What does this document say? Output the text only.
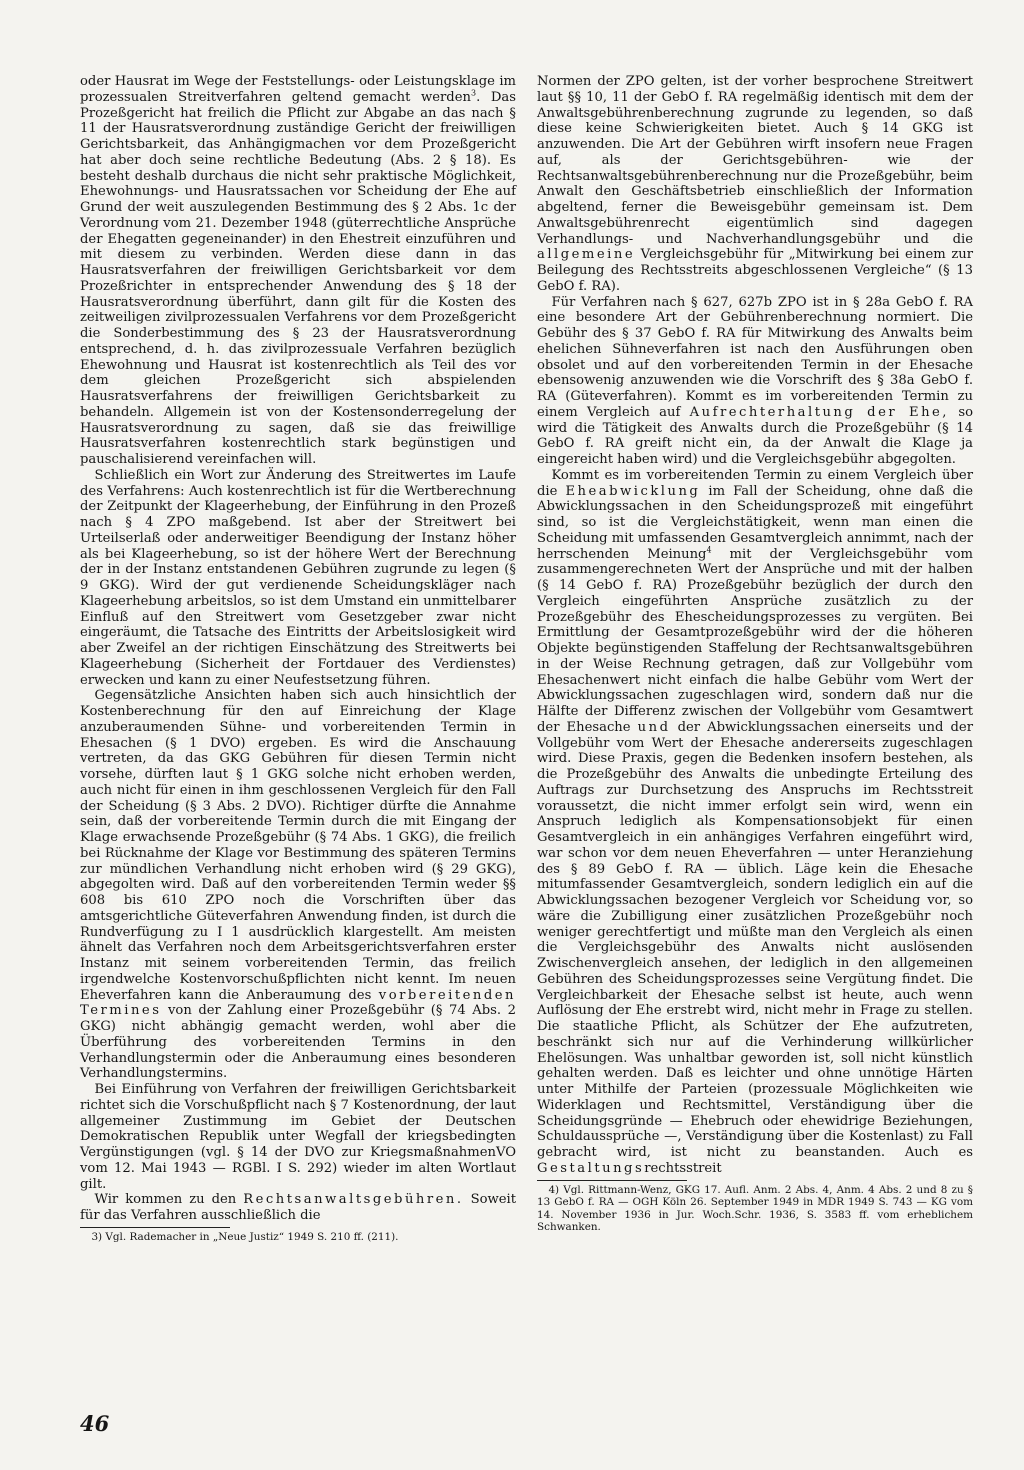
oder Hausrat im Wege der Feststellungs- oder Leistungsklage im prozessualen Streitverfahren geltend gemacht werden$^3$. Das Prozeßgericht hat freilich die Pflicht zur Abgabe an das nach § 11 der Hausratsverordnung zuständige Gericht der freiwilligen Gerichtsbarkeit, das Anhängigmachen vor dem Prozeßgericht hat aber doch seine rechtliche Bedeutung (Abs. 2 § 18). Es besteht deshalb durchaus die nicht sehr praktische Möglichkeit, Ehewohnungs- und Hausratssachen vor Scheidung der Ehe auf Grund der weit auszulegenden Bestimmung des § 2 Abs. 1c der Verordnung vom 21. Dezember 1948 (güterrechtliche Ansprüche der Ehegatten gegeneinander) in den Ehestreit einzuführen und mit diesem zu verbinden. Werden diese dann in das Hausratsverfahren der freiwilligen Gerichtsbarkeit vor dem Prozeßrichter in entsprechender Anwendung des § 18 der Hausratsverordnung überführt, dann gilt für die Kosten des zeitweiligen zivilprozessualen Verfahrens vor dem Prozeßgericht die Sonderbestimmung des § 23 der Hausratsverordnung entsprechend, d. h. das zivilprozessuale Verfahren bezüglich Ehewohnung und Hausrat ist kostenrechtlich als Teil des vor dem gleichen Prozeßgericht sich abspielenden Hausratsverfahrens der freiwilligen Gerichtsbarkeit zu behandeln. Allgemein ist von der Kostensonderregelung der Hausratsverordnung zu sagen, daß sie das freiwillige Hausratsverfahren kostenrechtlich stark begünstigen und pauschalisierend vereinfachen will.

Schließlich ein Wort zur Änderung des Streitwertes im Laufe des Verfahrens: Auch kostenrechtlich ist für die Wertberechnung der Zeitpunkt der Klageerhebung, der Einführung in den Prozeß nach § 4 ZPO maßgebend. Ist aber der Streitwert bei Urteilserlaß oder anderweitiger Beendigung der Instanz höher als bei Klageerhebung, so ist der höhere Wert der Berechnung der in der Instanz entstandenen Gebühren zugrunde zu legen (§ 9 GKG). Wird der gut verdienende Scheidungskläger nach Klageerhebung arbeitslos, so ist dem Umstand ein unmittelbarer Einfluß auf den Streitwert vom Gesetzgeber zwar nicht eingeräumt, die Tatsache des Eintritts der Arbeitslosigkeit wird aber Zweifel an der richtigen Einschätzung des Streitwerts bei Klageerhebung (Sicherheit der Fortdauer des Verdienstes) erwecken und kann zu einer Neufestsetzung führen.

Gegensätzliche Ansichten haben sich auch hinsichtlich der Kostenberechnung für den auf Einreichung der Klage anzuberaumenden Sühne- und vorbereitenden Termin in Ehesachen (§ 1 DVO) ergeben. Es wird die Anschauung vertreten, da das GKG Gebühren für diesen Termin nicht vorsehe, dürften laut § 1 GKG solche nicht erhoben werden, auch nicht für einen in ihm geschlossenen Vergleich für den Fall der Scheidung (§ 3 Abs. 2 DVO). Richtiger dürfte die Annahme sein, daß der vorbereitende Termin durch die mit Eingang der Klage erwachsende Prozeßgebühr (§ 74 Abs. 1 GKG), die freilich bei Rücknahme der Klage vor Bestimmung des späteren Termins zur mündlichen Verhandlung nicht erhoben wird (§ 29 GKG), abgegolten wird. Daß auf den vorbereitenden Termin weder §§ 608 bis 610 ZPO noch die Vorschriften über das amtsgerichtliche Güteverfahren Anwendung finden, ist durch die Rundverfügung zu I 1 ausdrücklich klargestellt. Am meisten ähnelt das Verfahren noch dem Arbeitsgerichtsverfahren erster Instanz mit seinem vorbereitenden Termin, das freilich irgendwelche Kostenvorschußpflichten nicht kennt. Im neuen Eheverfahren kann die Anberaumung des vorbereitenden Termines von der Zahlung einer Prozeßgebühr (§ 74 Abs. 2 GKG) nicht abhängig gemacht werden, wohl aber die Überführung des vorbereitenden Termins in den Verhandlungstermin oder die Anberaumung eines besonderen Verhandlungstermins.

Bei Einführung von Verfahren der freiwilligen Gerichtsbarkeit richtet sich die Vorschußpflicht nach § 7 Kostenordnung, der laut allgemeiner Zustimmung im Gebiet der Deutschen Demokratischen Republik unter Wegfall der kriegsbedingten Vergünstigungen (vgl. § 14 der DVO zur KriegsmaßnahmenVO vom 12. Mai 1943 — RGBl. I S. 292) wieder im alten Wortlaut gilt.

Wir kommen zu den Rechtsanwaltsgebühren. Soweit für das Verfahren ausschließlich die

3) Vgl. Rademacher in „Neue Justiz“ 1949 S. 210 ff. (211).

Normen der ZPO gelten, ist der vorher besprochene Streitwert laut §§ 10, 11 der GebO f. RA regelmäßig identisch mit dem der Anwaltsgebührenberechnung zugrunde zu legenden, so daß diese keine Schwierigkeiten bietet. Auch § 14 GKG ist anzuwenden. Die Art der Gebühren wirft insofern neue Fragen auf, als der Gerichtsgebühren- wie der Rechtsanwaltsgebührenberechnung nur die Prozeßgebühr, beim Anwalt den Geschäftsbetrieb einschließlich der Information abgeltend, ferner die Beweisgebühr gemeinsam ist. Dem Anwaltsgebührenrecht eigentümlich sind dagegen Verhandlungs- und Nachverhandlungsgebühr und die allgemeine Vergleichsgebühr für „Mitwirkung bei einem zur Beilegung des Rechtsstreits abgeschlossenen Vergleiche“ (§ 13 GebO f. RA).

Für Verfahren nach § 627, 627b ZPO ist in § 28a GebO f. RA eine besondere Art der Gebührenberechnung normiert. Die Gebühr des § 37 GebO f. RA für Mitwirkung des Anwalts beim ehelichen Sühneverfahren ist nach den Ausführungen oben obsolet und auf den vorbereitenden Termin in der Ehesache ebensowenig anzuwenden wie die Vorschrift des § 38a GebO f. RA (Güteverfahren). Kommt es im vorbereitenden Termin zu einem Vergleich auf Aufrechterhaltung der Ehe, so wird die Tätigkeit des Anwalts durch die Prozeßgebühr (§ 14 GebO f. RA greift nicht ein, da der Anwalt die Klage ja eingereicht haben wird) und die Vergleichsgebühr abgegolten.

Kommt es im vorbereitenden Termin zu einem Vergleich über die Eheabwicklung im Fall der Scheidung, ohne daß die Abwicklungssachen in den Scheidungsprozeß mit eingeführt sind, so ist die Vergleichstätigkeit, wenn man einen die Scheidung mit umfassenden Gesamtvergleich annimmt, nach der herrschenden Meinung$^4$ mit der Vergleichsgebühr vom zusammengerechneten Wert der Ansprüche und mit der halben (§ 14 GebO f. RA) Prozeßgebühr bezüglich der durch den Vergleich eingeführten Ansprüche zusätzlich zu der Prozeßgebühr des Ehescheidungsprozesses zu vergüten. Bei Ermittlung der Gesamtprozeßgebühr wird der die höheren Objekte begünstigenden Staffelung der Rechtsanwaltsgebühren in der Weise Rechnung getragen, daß zur Vollgebühr vom Ehesachenwert nicht einfach die halbe Gebühr vom Wert der Abwicklungssachen zugeschlagen wird, sondern daß nur die Hälfte der Differenz zwischen der Vollgebühr vom Gesamtwert der Ehesache und der Abwicklungssachen einerseits und der Vollgebühr vom Wert der Ehesache andererseits zugeschlagen wird. Diese Praxis, gegen die Bedenken insofern bestehen, als die Prozeßgebühr des Anwalts die unbedingte Erteilung des Auftrags zur Durchsetzung des Anspruchs im Rechtsstreit voraussetzt, die nicht immer erfolgt sein wird, wenn ein Anspruch lediglich als Kompensationsobjekt für einen Gesamtvergleich in ein anhängiges Verfahren eingeführt wird, war schon vor dem neuen Eheverfahren — unter Heranziehung des § 89 GebO f. RA — üblich. Läge kein die Ehesache mitumfassender Gesamtvergleich, sondern lediglich ein auf die Abwicklungssachen bezogener Vergleich vor Scheidung vor, so wäre die Zubilligung einer zusätzlichen Prozeßgebühr noch weniger gerechtfertigt und müßte man den Vergleich als einen die Vergleichsgebühr des Anwalts nicht auslösenden Zwischenvergleich ansehen, der lediglich in den allgemeinen Gebühren des Scheidungsprozesses seine Vergütung findet. Die Vergleichbarkeit der Ehesache selbst ist heute, auch wenn Auflösung der Ehe erstrebt wird, nicht mehr in Frage zu stellen. Die staatliche Pflicht, als Schützer der Ehe aufzutreten, beschränkt sich nur auf die Verhinderung willkürlicher Ehelösungen. Was unhaltbar geworden ist, soll nicht künstlich gehalten werden. Daß es leichter und ohne unnötige Härten unter Mithilfe der Parteien (prozessuale Möglichkeiten wie Widerklagen und Rechtsmittel, Verständigung über die Scheidungsgründe — Ehebruch oder ehewidrige Beziehungen, Schuldaussprüche —, Verständigung über die Kostenlast) zu Fall gebracht wird, ist nicht zu beanstanden. Auch es Gestaltungsrechtsstreit

4) Vgl. Rittmann-Wenz, GKG 17. Aufl. Anm. 2 Abs. 4, Anm. 4 Abs. 2 und 8 zu § 13 GebO f. RA — OGH Köln 26. September 1949 in MDR 1949 S. 743 — KG vom 14. November 1936 in Jur. Woch.Schr. 1936, S. 3583 ff. vom erheblichem Schwanken.

46
